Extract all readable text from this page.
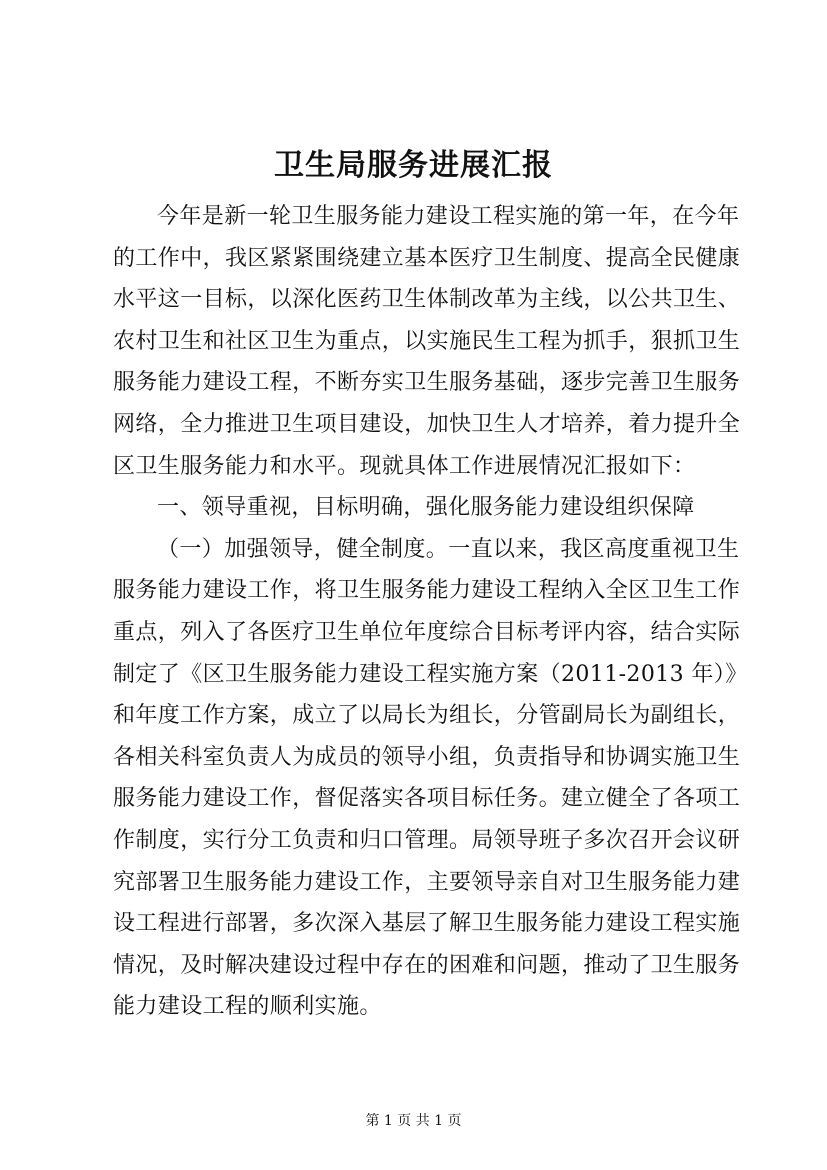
卫生局服务进展汇报
今年是新一轮卫生服务能力建设工程实施的第一年，在今年
的工作中，我区紧紧围绕建立基本医疗卫生制度、提高全民健康
水平这一目标，以深化医药卫生体制改革为主线，以公共卫生、
农村卫生和社区卫生为重点，以实施民生工程为抓手，狠抓卫生
服务能力建设工程，不断夯实卫生服务基础，逐步完善卫生服务
网络，全力推进卫生项目建设，加快卫生人才培养，着力提升全
区卫生服务能力和水平。现就具体工作进展情况汇报如下：
一、领导重视，目标明确，强化服务能力建设组织保障
（一）加强领导，健全制度。一直以来，我区高度重视卫生
服务能力建设工作，将卫生服务能力建设工程纳入全区卫生工作
重点，列入了各医疗卫生单位年度综合目标考评内容，结合实际
制定了《区卫生服务能力建设工程实施方案（2011-2013 年）》
和年度工作方案，成立了以局长为组长，分管副局长为副组长，
各相关科室负责人为成员的领导小组，负责指导和协调实施卫生
服务能力建设工作，督促落实各项目标任务。建立健全了各项工
作制度，实行分工负责和归口管理。局领导班子多次召开会议研
究部署卫生服务能力建设工作，主要领导亲自对卫生服务能力建
设工程进行部署，多次深入基层了解卫生服务能力建设工程实施
情况，及时解决建设过程中存在的困难和问题，推动了卫生服务
能力建设工程的顺利实施。
第 1 页 共 1 页
